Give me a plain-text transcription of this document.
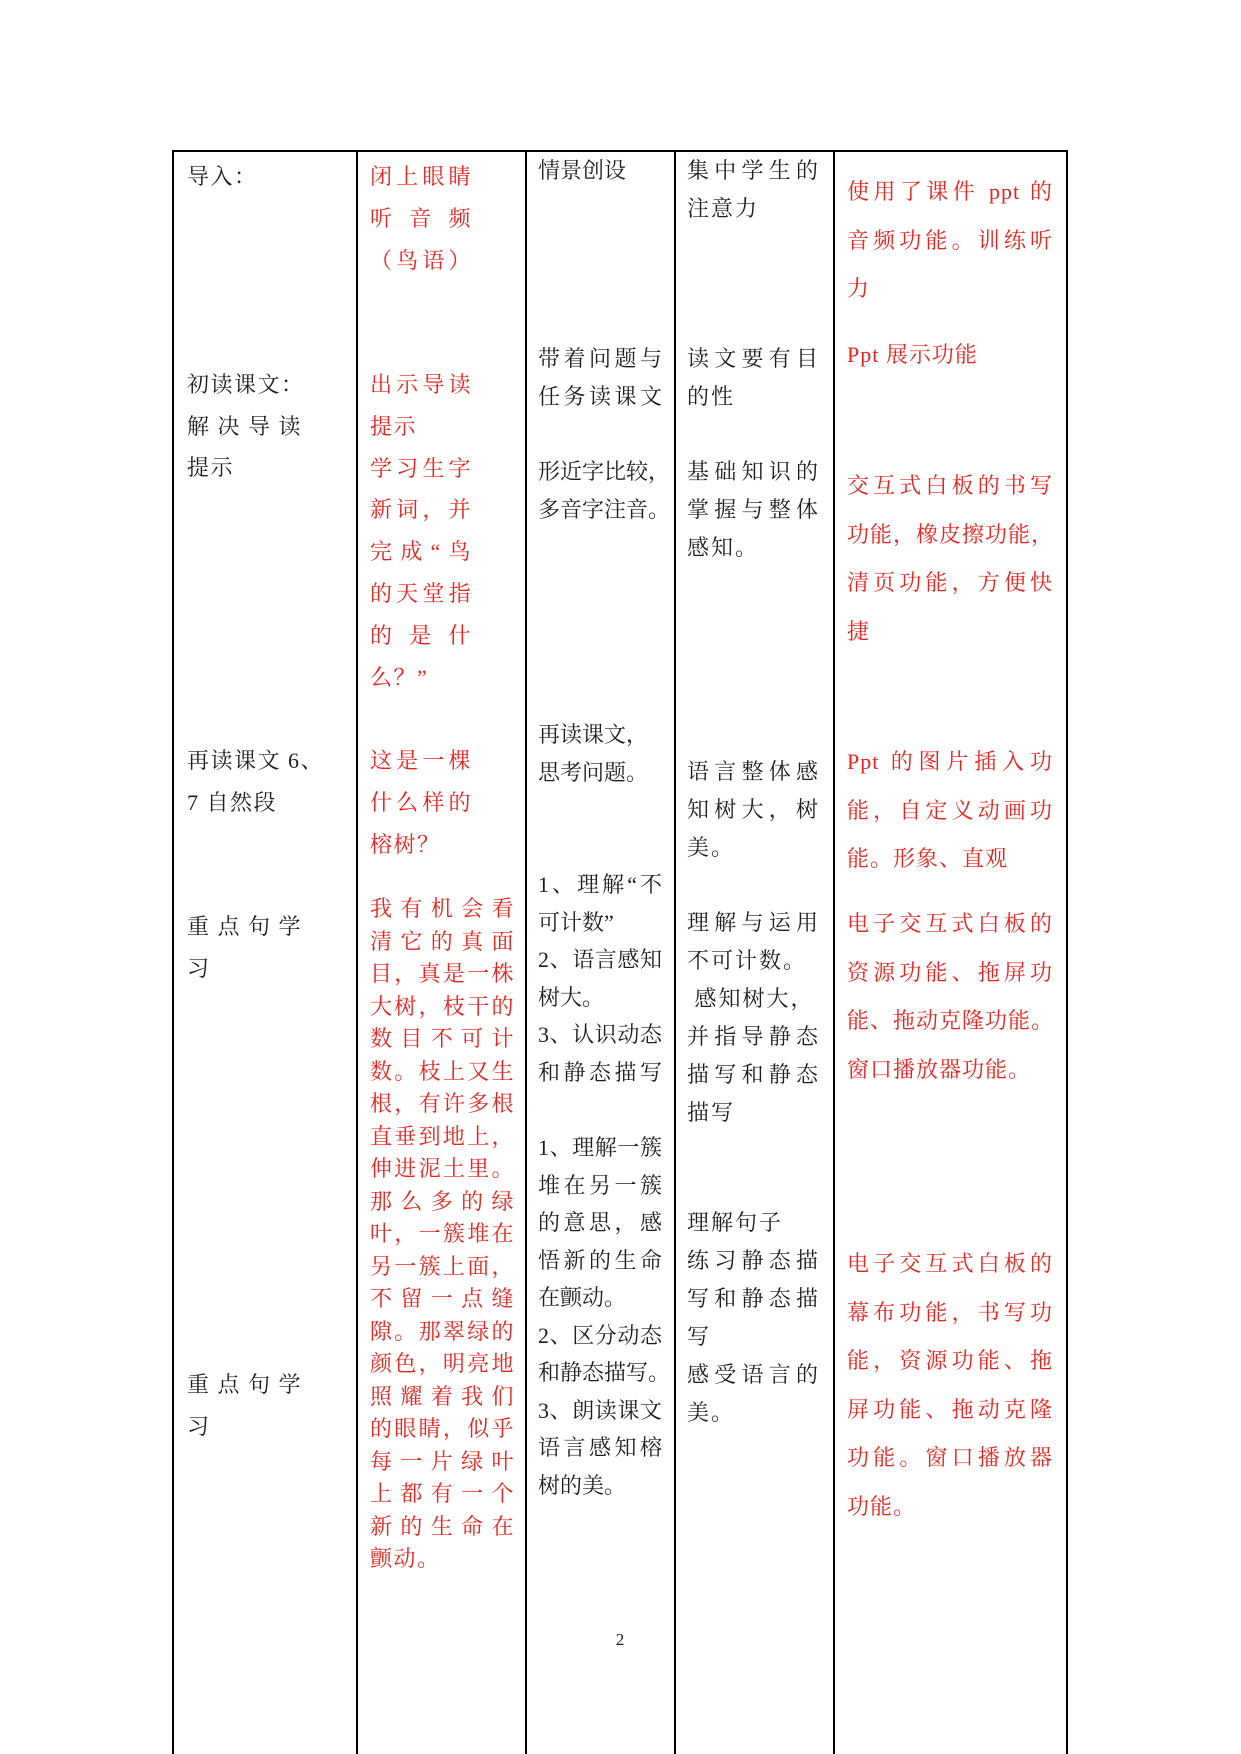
导入：
初读课文：
解决导读
提示
再读课文 6、
7 自然段
重点句学
习
重点句学
习
闭上眼睛
听音频
（鸟语）
出示导读
提示
学习生字
新词，并
完成“鸟
的天堂指
的是什
么？”
这是一棵
什么样的
榕树？
我有机会看
清它的真面
目，真是一株
大树，枝干的
数目不可计
数。枝上又生
根，有许多根
直垂到地上，
伸进泥土里。
那么多的绿
叶，一簇堆在
另一簇上面，
不留一点缝
隙。那翠绿的
颜色，明亮地
照耀着我们
的眼睛，似乎
每一片绿叶
上都有一个
新的生命在
颤动。
情景创设
带着问题与
任务读课文
形近字比较，
多音字注音。
再读课文，
思考问题。
1、理解“不
可计数”
2、语言感知
树大。
3、认识动态
和静态描写
1、理解一簇
堆在另一簇
的意思，感
悟新的生命
在颤动。
2、区分动态
和静态描写。
3、朗读课文
语言感知榕
树的美。
集中学生的
注意力
读文要有目
的性
基础知识的
掌握与整体
感知。
语言整体感
知树大，树
美。
理解与运用
不可计数。
感知树大，
并指导静态
描写和静态
描写
理解句子
练习静态描
写和静态描
写
感受语言的
美。
使用了课件 ppt 的
音频功能。训练听
力
Ppt 展示功能
交互式白板的书写
功能，橡皮擦功能，
清页功能，方便快
捷
Ppt 的图片插入功
能，自定义动画功
能。形象、直观
电子交互式白板的
资源功能、拖屏功
能、拖动克隆功能。
窗口播放器功能。
电子交互式白板的
幕布功能，书写功
能，资源功能、拖
屏功能、拖动克隆
功能。窗口播放器
功能。
2
